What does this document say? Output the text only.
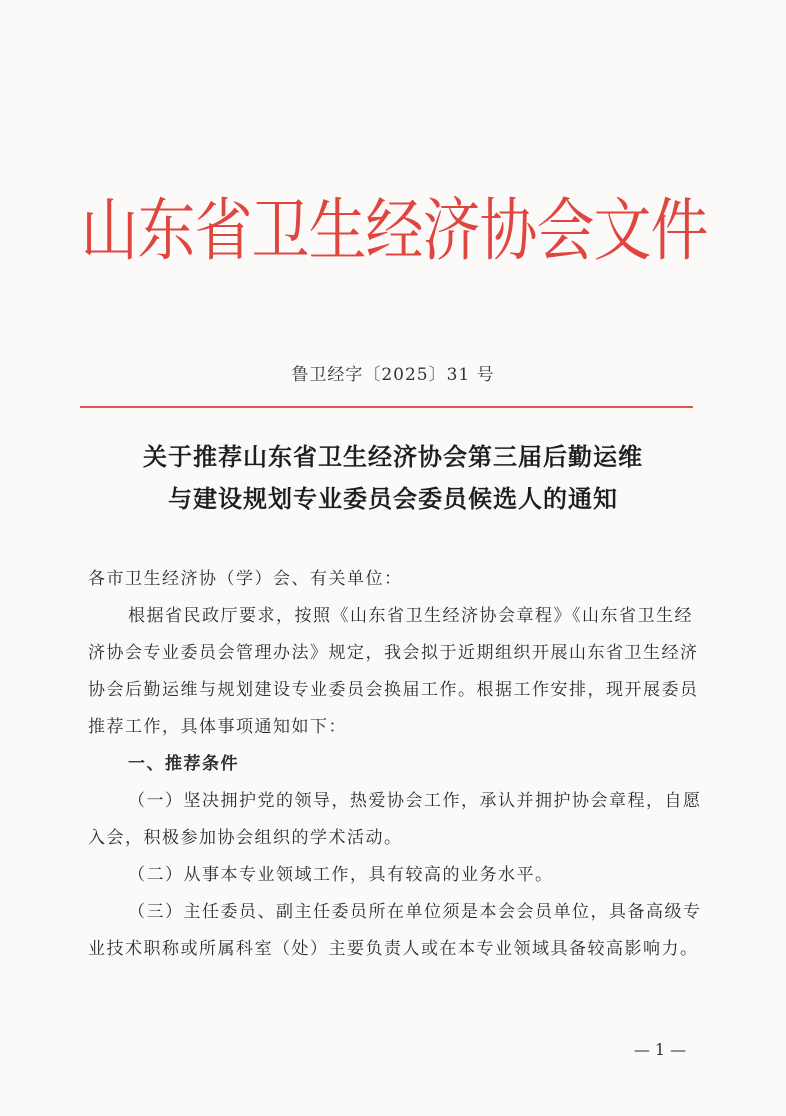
山东省卫生经济协会文件
鲁卫经字〔2025〕31 号
关于推荐山东省卫生经济协会第三届后勤运维
与建设规划专业委员会委员候选人的通知

各市卫生经济协（学）会、有关单位：

根据省民政厅要求，按照《山东省卫生经济协会章程》《山东省卫生经济协会专业委员会管理办法》规定，我会拟于近期组织开展山东省卫生经济协会后勤运维与规划建设专业委员会换届工作。根据工作安排，现开展委员推荐工作，具体事项通知如下：

一、推荐条件

（一）坚决拥护党的领导，热爱协会工作，承认并拥护协会章程，自愿入会，积极参加协会组织的学术活动。

（二）从事本专业领域工作，具有较高的业务水平。

（三）主任委员、副主任委员所在单位须是本会会员单位，具备高级专业技术职称或所属科室（处）主要负责人或在本专业领域具备较高影响力。

— 1 —
